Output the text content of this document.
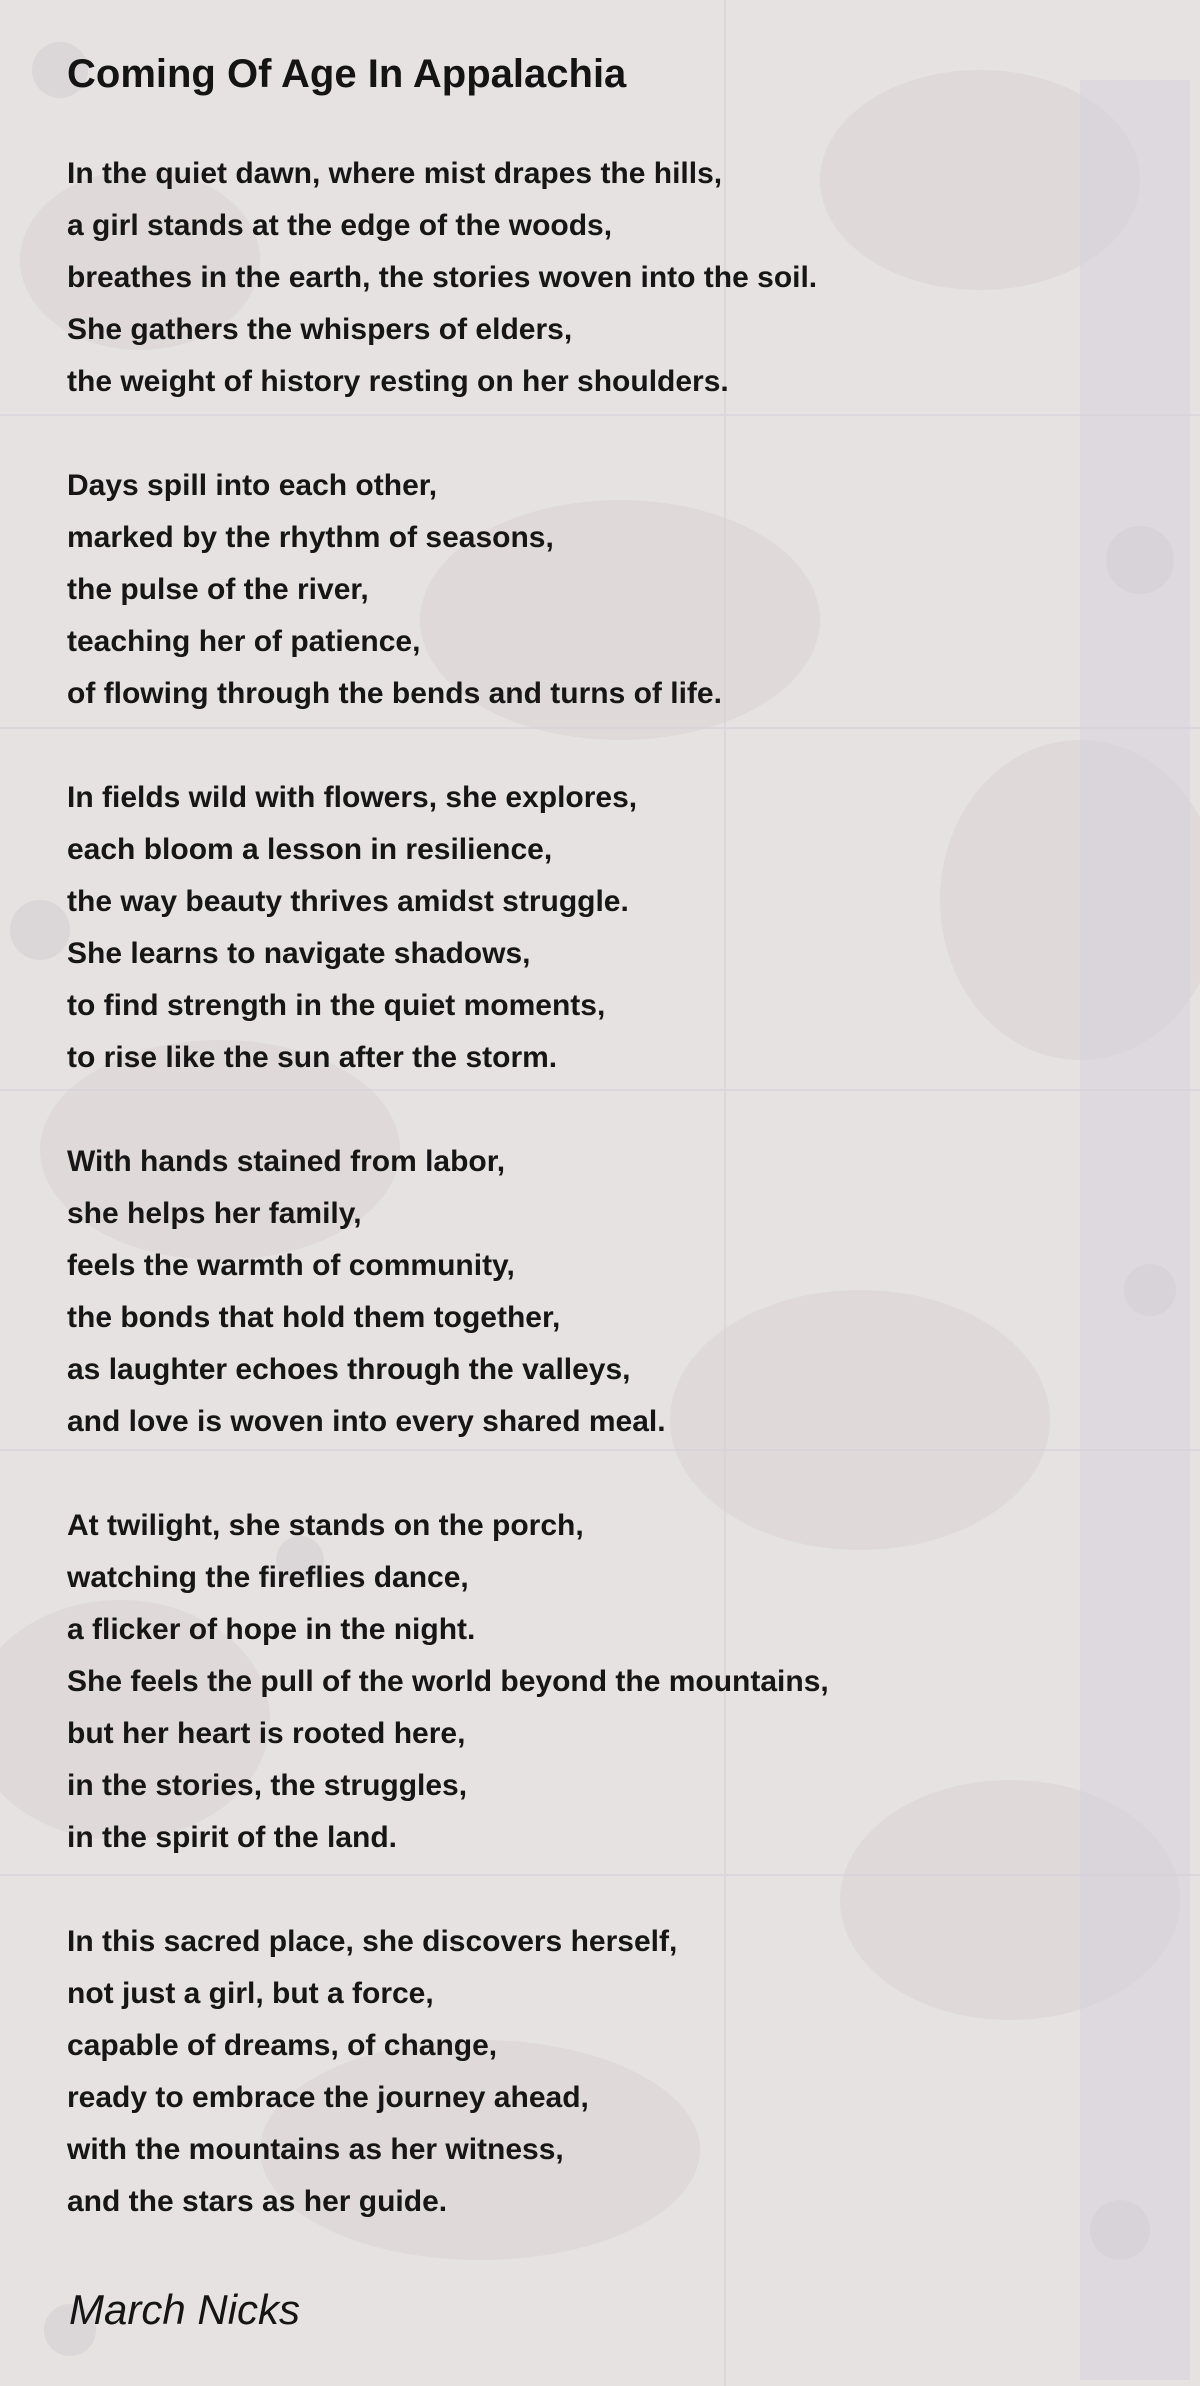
Coming Of Age In Appalachia
In the quiet dawn, where mist drapes the hills,
a girl stands at the edge of the woods,
breathes in the earth, the stories woven into the soil.
She gathers the whispers of elders,
the weight of history resting on her shoulders.
Days spill into each other,
marked by the rhythm of seasons,
the pulse of the river,
teaching her of patience,
of flowing through the bends and turns of life.
In fields wild with flowers, she explores,
each bloom a lesson in resilience,
the way beauty thrives amidst struggle.
She learns to navigate shadows,
to find strength in the quiet moments,
to rise like the sun after the storm.
With hands stained from labor,
she helps her family,
feels the warmth of community,
the bonds that hold them together,
as laughter echoes through the valleys,
and love is woven into every shared meal.
At twilight, she stands on the porch,
watching the fireflies dance,
a flicker of hope in the night.
She feels the pull of the world beyond the mountains,
but her heart is rooted here,
in the stories, the struggles,
in the spirit of the land.
In this sacred place, she discovers herself,
not just a girl, but a force,
capable of dreams, of change,
ready to embrace the journey ahead,
with the mountains as her witness,
and the stars as her guide.

March Nicks
